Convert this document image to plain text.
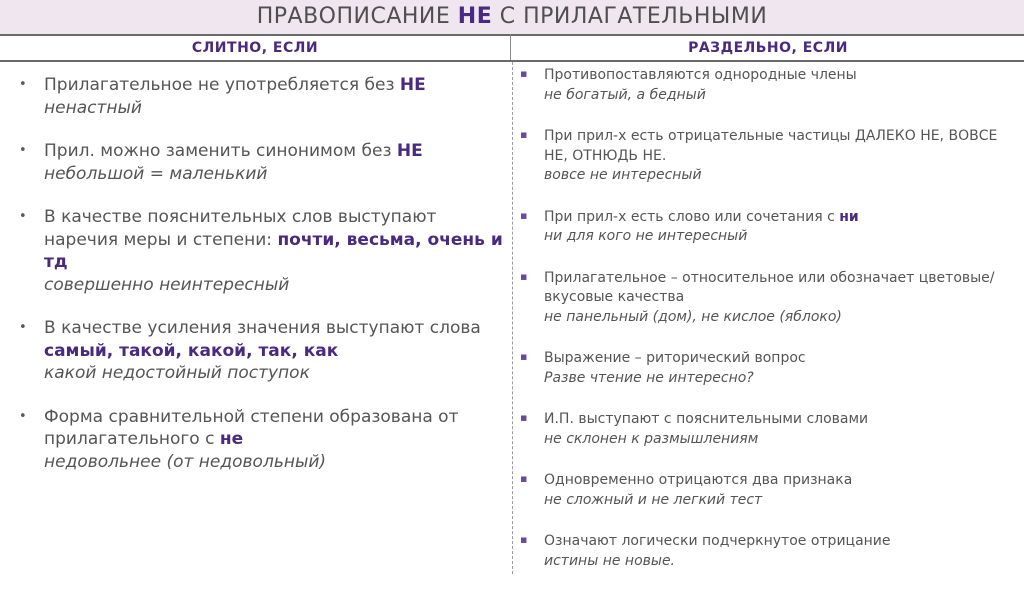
ПРАВОПИСАНИЕ НЕ С ПРИЛАГАТЕЛЬНЫМИ
СЛИТНО, ЕСЛИ	РАЗДЕЛЬНО, ЕСЛИ
• Прилагательное не употребляется без НЕ
ненастный
• Прил. можно заменить синонимом без НЕ
небольшой = маленький
• В качестве пояснительных слов выступают наречия меры и степени: почти, весьма, очень и тд
совершенно неинтересный
• В качестве усиления значения выступают слова самый, такой, какой, так, как
какой недостойный поступок
• Форма сравнительной степени образована от прилагательного с не
недовольнее (от недовольный)
▪ Противопоставляются однородные члены
не богатый, а бедный
▪ При прил-х есть отрицательные частицы ДАЛЕКО НЕ, ВОВСЕ НЕ, ОТНЮДЬ НЕ.
вовсе не интересный
▪ При прил-х есть слово или сочетания с ни
ни для кого не интересный
▪ Прилагательное – относительное или обозначает цветовые/вкусовые качества
не панельный (дом), не кислое (яблоко)
▪ Выражение – риторический вопрос
Разве чтение не интересно?
▪ И.П. выступают с пояснительными словами
не склонен к размышлениям
▪ Одновременно отрицаются два признака
не сложный и не легкий тест
▪ Означают логически подчеркнутое отрицание
истины не новые.
